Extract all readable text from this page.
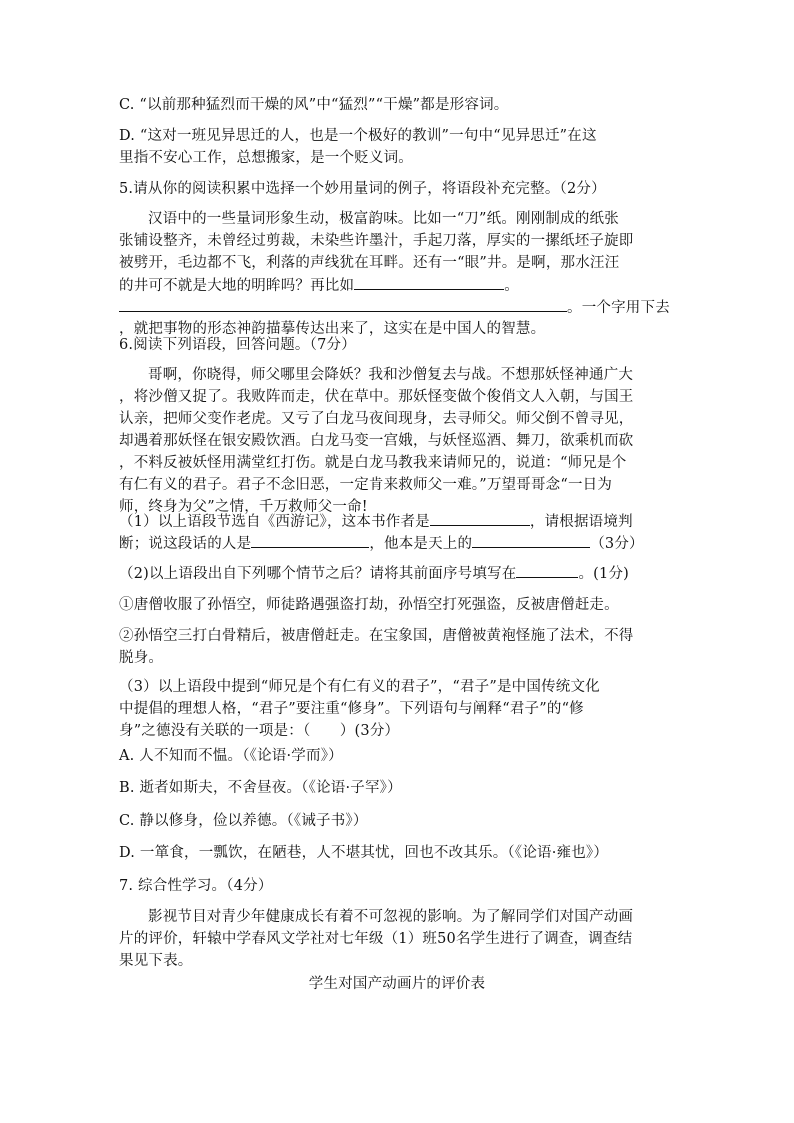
C. “以前那种猛烈而干燥的风”中“猛烈”“干燥”都是形容词。
D. “这对一班见异思迁的人，也是一个极好的教训”一句中“见异思迁”在这
里指不安心工作，总想搬家，是一个贬义词。
5.请从你的阅读积累中选择一个妙用量词的例子，将语段补充完整。（2分）
汉语中的一些量词形象生动，极富韵味。比如一“刀”纸。刚刚制成的纸张
张铺设整齐，未曾经过剪裁，未染些许墨汁，手起刀落，厚实的一摞纸坯子旋即
被劈开，毛边都不飞，利落的声线犹在耳畔。还有一“眼”井。是啊，那水汪汪
的井可不就是大地的明眸吗？再比如	。
。一个字用下去
，就把事物的形态神韵描摹传达出来了，这实在是中国人的智慧。
6.阅读下列语段，回答问题。（7分）
哥啊，你晓得，师父哪里会降妖？我和沙僧复去与战。不想那妖怪神通广大
，将沙僧又捉了。我败阵而走，伏在草中。那妖怪变做个俊俏文人入朝，与国王
认亲，把师父变作老虎。又亏了白龙马夜间现身，去寻师父。师父倒不曾寻见，
却遇着那妖怪在银安殿饮酒。白龙马变一宫娥，与妖怪巡酒、舞刀，欲乘机而砍
，不料反被妖怪用满堂红打伤。就是白龙马教我来请师兄的，说道：“师兄是个
有仁有义的君子。君子不念旧恶，一定肯来救师父一难。”万望哥哥念“一日为
师，终身为父”之情，千万救师父一命!
（1）以上语段节选自《西游记》，这本书作者是	，请根据语境判
断；说这段话的人是	，他本是天上的	（3分）
（2)以上语段出自下列哪个情节之后？请将其前面序号填写在	。(1分)
①唐僧收服了孙悟空，师徒路遇强盗打劫，孙悟空打死强盗，反被唐僧赶走。
②孙悟空三打白骨精后，被唐僧赶走。在宝象国，唐僧被黄袍怪施了法术，不得
脱身。
（3）以上语段中提到“师兄是个有仁有义的君子”，“君子”是中国传统文化
中提倡的理想人格，“君子”要注重“修身”。下列语句与阐释“君子”的“修
身”之德没有关联的一项是：（　　）(3分）
A. 人不知而不愠。（《论语·学而》）
B. 逝者如斯夫，不舍昼夜。（《论语·子罕》）
C. 静以修身，俭以养德。（《诫子书》）
D. 一箪食，一瓢饮，在陋巷，人不堪其忧，回也不改其乐。（《论语·雍也》）
7. 综合性学习。（4分）
影视节目对青少年健康成长有着不可忽视的影响。为了解同学们对国产动画
片的评价，轩辕中学春风文学社对七年级（1）班50名学生进行了调查，调查结
果见下表。
学生对国产动画片的评价表
